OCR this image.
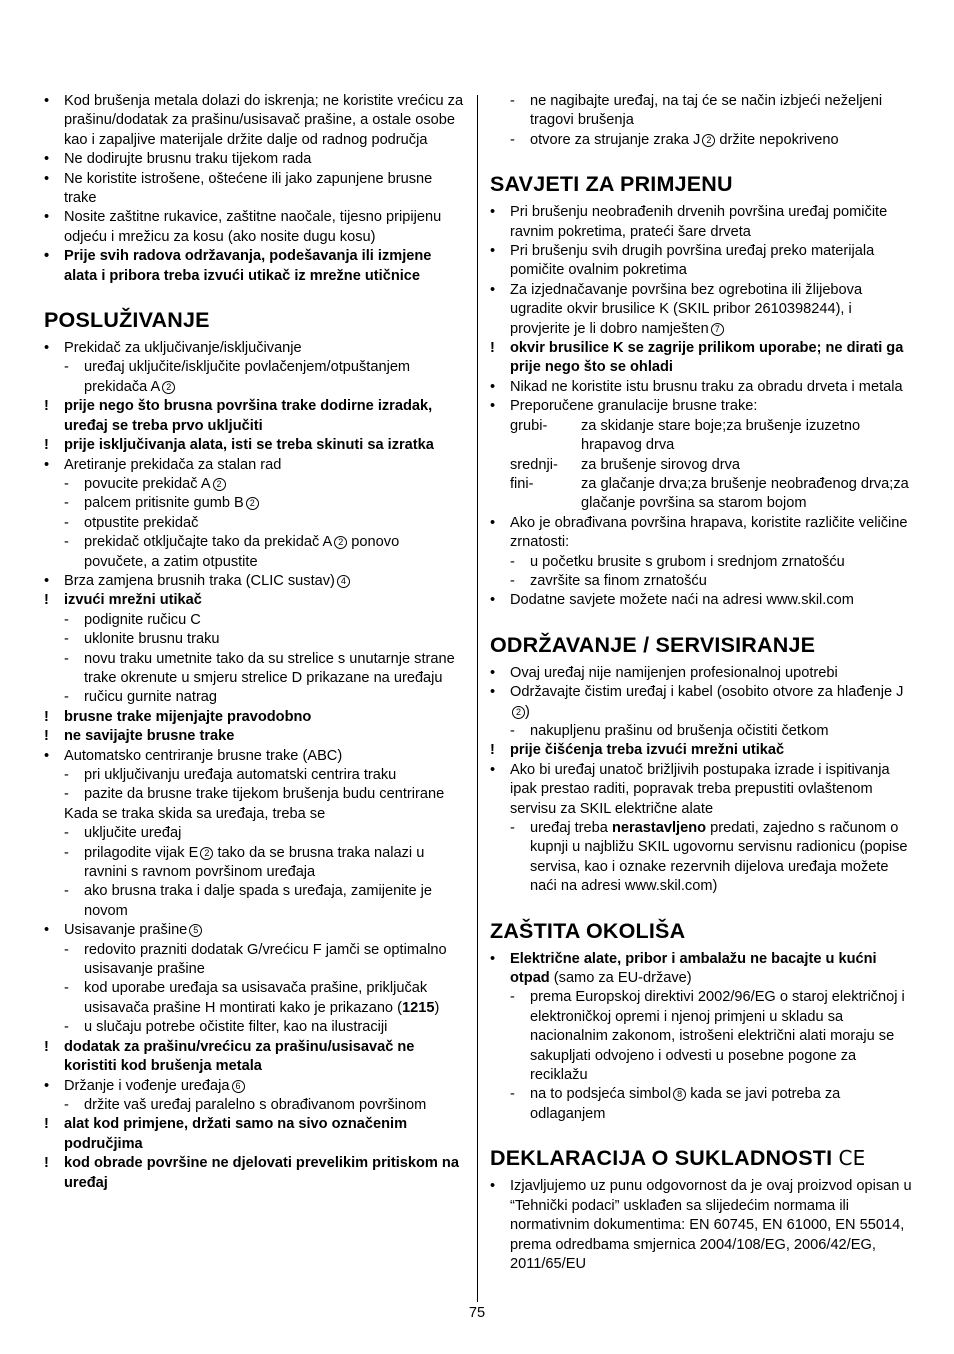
•	Kod brušenja metala dolazi do iskrenja; ne koristite vrećicu za prašinu/dodatak za prašinu/usisavač prašine, a ostale osobe kao i zapaljive materijale držite dalje od radnog područja
•	Ne dodirujte brusnu traku tijekom rada
•	Ne koristite istrošene, oštećene ili jako zapunjene brusne trake
•	Nosite zaštitne rukavice, zaštitne naočale, tijesno pripijenu odjeću i mrežicu za kosu (ako nosite dugu kosu)
•	Prije svih radova održavanja, podešavanja ili izmjene alata i pribora treba izvući utikač iz mrežne utičnice
POSLUŽIVANJE
•	Prekidač za uključivanje/isključivanje
-	uređaj uključite/isključite povlačenjem/otpuštanjem prekidača A 2
!	prije nego što brusna površina trake dodirne izradak, uređaj se treba prvo uključiti
!	prije isključivanja alata, isti se treba skinuti sa izratka
•	Aretiranje prekidača za stalan rad
-	povucite prekidač A 2
-	palcem pritisnite gumb B 2
-	otpustite prekidač
-	prekidač otključajte tako da prekidač A 2 ponovo povučete, a zatim otpustite
•	Brza zamjena brusnih traka (CLIC sustav) 4
!	izvući mrežni utikač
-	podignite ručicu C
-	uklonite brusnu traku
-	novu traku umetnite tako da su strelice s unutarnje strane trake okrenute u smjeru strelice D prikazane na uređaju
-	ručicu gurnite natrag
!	brusne trake mijenjajte pravodobno
!	ne savijajte brusne trake
•	Automatsko centriranje brusne trake (ABC)
-	pri uključivanju uređaja automatski centrira traku
-	pazite da brusne trake tijekom brušenja budu centrirane
Kada se traka skida sa uređaja, treba se
-	uključite uređaj
-	prilagodite vijak E 2 tako da se brusna traka nalazi u ravnini s ravnom površinom uređaja
-	ako brusna traka i dalje spada s uređaja, zamijenite je novom
•	Usisavanje prašine 5
-	redovito prazniti dodatak G/vrećicu F jamči se optimalno usisavanje prašine
-	kod uporabe uređaja sa usisavača prašine, priključak usisavača prašine H montirati kako je prikazano (1215)
-	u slučaju potrebe očistite filter, kao na ilustraciji
!	dodatak za prašinu/vrećicu za prašinu/usisavač ne koristiti kod brušenja metala
•	Držanje i vođenje uređaja 6
-	držite vaš uređaj paralelno s obrađivanom površinom
!	alat kod primjene, držati samo na sivo označenim područjima
!	kod obrade površine ne djelovati prevelikim pritiskom na uređaj
-	ne nagibajte uređaj, na taj će se način izbjeći neželjeni tragovi brušenja
-	otvore za strujanje zraka J 2 držite nepokriveno
SAVJETI ZA PRIMJENU
•	Pri brušenju neobrađenih drvenih površina uređaj pomičite ravnim pokretima, prateći šare drveta
•	Pri brušenju svih drugih površina uređaj preko materijala pomičite ovalnim pokretima
•	Za izjednačavanje površina bez ogrebotina ili žlijebova ugradite okvir brusilice K (SKIL pribor 2610398244), i provjerite je li dobro namješten 7
!	okvir brusilice K se zagrije prilikom uporabe; ne dirati ga prije nego što se ohladi
•	Nikad ne koristite istu brusnu traku za obradu drveta i metala
•	Preporučene granulacije brusne trake:
grubi-	za skidanje stare boje;za brušenje izuzetno hrapavog drva
srednji-	za brušenje sirovog drva
fini-	za glačanje drva;za brušenje neobrađenog drva;za glačanje površina sa starom bojom
•	Ako je obrađivana površina hrapava, koristite različite veličine zrnatosti:
-	u početku brusite s grubom i srednjom zrnatošću
-	završite sa finom zrnatošću
•	Dodatne savjete možete naći na adresi www.skil.com
ODRŽAVANJE / SERVISIRANJE
•	Ovaj uređaj nije namijenjen profesionalnoj upotrebi
•	Održavajte čistim uređaj i kabel (osobito otvore za hlađenje J2 )
-	nakupljenu prašinu od brušenja očistiti četkom
!	prije čišćenja treba izvući mrežni utikač
•	Ako bi uređaj unatoč brižljivih postupaka izrade i ispitivanja ipak prestao raditi, popravak treba prepustiti ovlaštenom servisu za SKIL električne alate
-	uređaj treba nerastavljeno predati, zajedno s računom o kupnji u najbližu SKIL ugovornu servisnu radionicu (popise servisa, kao i oznake rezervnih dijelova uređaja možete naći na adresi www.skil.com)
ZAŠTITA OKOLIŠA
•	Električne alate, pribor i ambalažu ne bacajte u kućni otpad (samo za EU-države)
-	prema Europskoj direktivi 2002/96/EG o staroj električnoj i elektroničkoj opremi i njenoj primjeni u skladu sa nacionalnim zakonom, istrošeni električni alati moraju se sakupljati odvojeno i odvesti u posebne pogone za reciklažu
-	na to podsjeća simbol 8 kada se javi potreba za odlaganjem
DEKLARACIJA O SUKLADNOSTI CE
•	Izjavljujemo uz punu odgovornost da je ovaj proizvod opisan u “Tehnički podaci” usklađen sa slijedećim normama ili normativnim dokumentima: EN 60745, EN 61000, EN 55014, prema odredbama smjernica 2004/108/EG, 2006/42/EG, 2011/65/EU
75
